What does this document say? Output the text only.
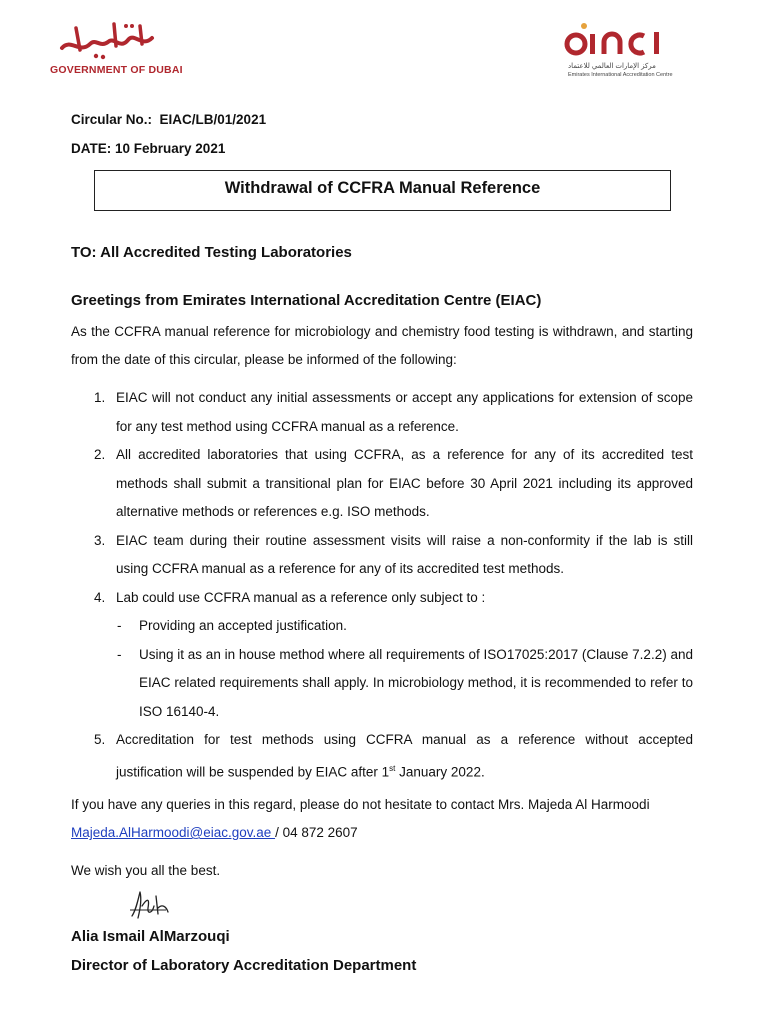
GOVERNMENT OF DUBAI	مركز الإمارات العالمي للاعتماد
Emirates International Accreditation Centre
Circular No.: EIAC/LB/01/2021
DATE: 10 February 2021
Withdrawal of CCFRA Manual Reference
TO: All Accredited Testing Laboratories
Greetings from Emirates International Accreditation Centre (EIAC)

As the CCFRA manual reference for microbiology and chemistry food testing is withdrawn, and starting from the date of this circular, please be informed of the following:

1. EIAC will not conduct any initial assessments or accept any applications for extension of scope for any test method using CCFRA manual as a reference.
2. All accredited laboratories that using CCFRA, as a reference for any of its accredited test methods shall submit a transitional plan for EIAC before 30 April 2021 including its approved alternative methods or references e.g. ISO methods.
3. EIAC team during their routine assessment visits will raise a non-conformity if the lab is still using CCFRA manual as a reference for any of its accredited test methods.
4. Lab could use CCFRA manual as a reference only subject to :
- Providing an accepted justification.
- Using it as an in house method where all requirements of ISO17025:2017 (Clause 7.2.2) and EIAC related requirements shall apply. In microbiology method, it is recommended to refer to ISO 16140-4.
5. Accreditation for test methods using CCFRA manual as a reference without accepted justification will be suspended by EIAC after 1st January 2022.

If you have any queries in this regard, please do not hesitate to contact Mrs. Majeda Al Harmoodi
Majeda.AlHarmoodi@eiac.gov.ae / 04 872 2607

We wish you all the best.
Alia Ismail AlMarzouqi
Director of Laboratory Accreditation Department
